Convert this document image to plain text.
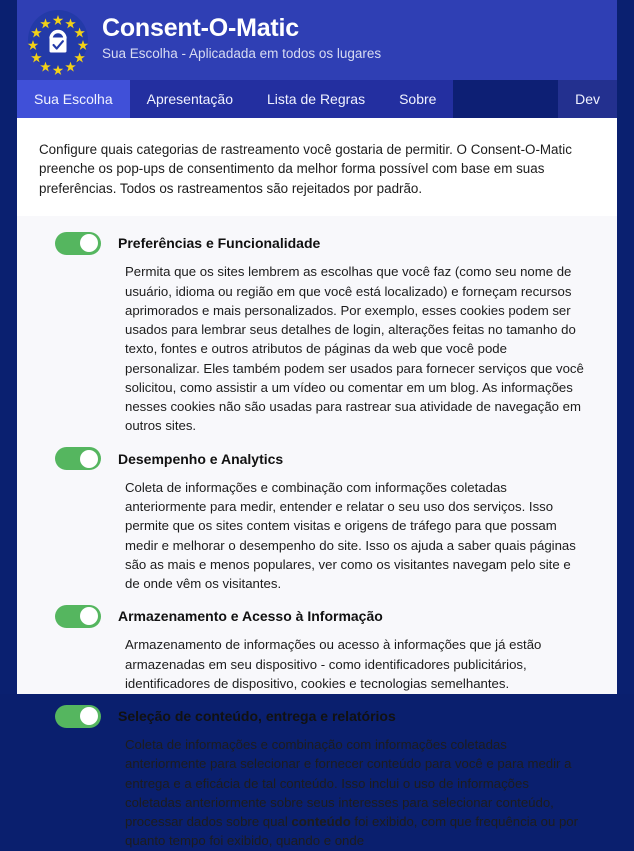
Consent-O-Matic
Sua Escolha - Aplicadada em todos os lugares
Sua Escolha	Apresentação	Lista de Regras	Sobre	Dev
Configure quais categorias de rastreamento você gostaria de permitir. O Consent-O-Matic preenche os pop-ups de consentimento da melhor forma possível com base em suas preferências. Todos os rastreamentos são rejeitados por padrão.
Preferências e Funcionalidade
Permita que os sites lembrem as escolhas que você faz (como seu nome de usuário, idioma ou região em que você está localizado) e forneçam recursos aprimorados e mais personalizados. Por exemplo, esses cookies podem ser usados para lembrar seus detalhes de login, alterações feitas no tamanho do texto, fontes e outros atributos de páginas da web que você pode personalizar. Eles também podem ser usados para fornecer serviços que você solicitou, como assistir a um vídeo ou comentar em um blog. As informações nesses cookies não são usadas para rastrear sua atividade de navegação em outros sites.
Desempenho e Analytics
Coleta de informações e combinação com informações coletadas anteriormente para medir, entender e relatar o seu uso dos serviços. Isso permite que os sites contem visitas e origens de tráfego para que possam medir e melhorar o desempenho do site. Isso os ajuda a saber quais páginas são as mais e menos populares, ver como os visitantes navegam pelo site e de onde vêm os visitantes.
Armazenamento e Acesso à Informação
Armazenamento de informações ou acesso à informações que já estão armazenadas em seu dispositivo - como identificadores publicitários, identificadores de dispositivo, cookies e tecnologias semelhantes.
Seleção de conteúdo, entrega e relatórios
Coleta de informações e combinação com informações coletadas anteriormente para selecionar e fornecer conteúdo para você e para medir a entrega e a eficácia de tal conteúdo. Isso inclui o uso de informações coletadas anteriormente sobre seus interesses para selecionar conteúdo, processar dados sobre qual conteúdo foi exibido, com que frequência ou por quanto tempo foi exibido, quando e onde
